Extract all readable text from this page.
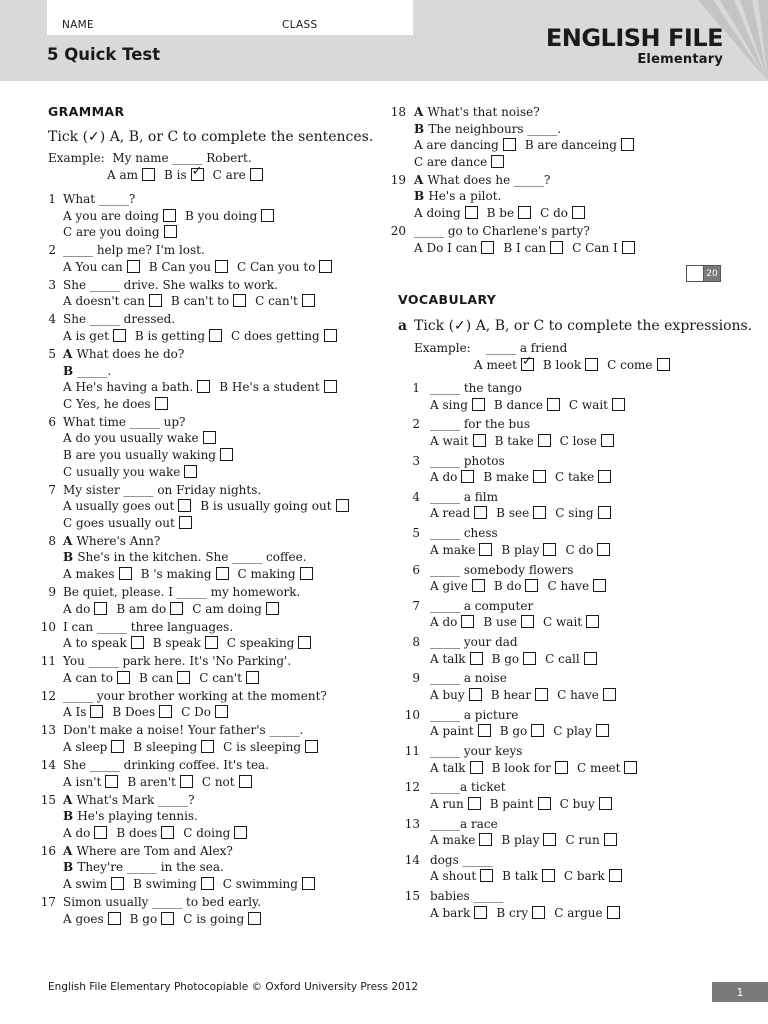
NAME	CLASS
5 Quick Test
ENGLISH FILE
Elementary
GRAMMAR
Tick (✓) A, B, or C to complete the sentences.
Example: My name _____ Robert.
A am B is ✓ C are
1 What _____?
A you are doing B you doing
C are you doing
2 _____ help me? I'm lost.
A You can B Can you C Can you to
3 She _____ drive. She walks to work.
A doesn't can B can't to C can't
4 She _____ dressed.
A is get B is getting C does getting
5 A What does he do?
B _____.
A He's having a bath. B He's a student
C Yes, he does
6 What time _____ up?
A do you usually wake
B are you usually waking
C usually you wake
7 My sister _____ on Friday nights.
A usually goes out B is usually going out
C goes usually out
8 A Where's Ann?
B She's in the kitchen. She _____ coffee.
A makes B 's making C making
9 Be quiet, please. I _____ my homework.
A do B am do C am doing
10 I can _____ three languages.
A to speak B speak C speaking
11 You _____ park here. It's 'No Parking'.
A can to B can C can't
12 _____ your brother working at the moment?
A Is B Does C Do
13 Don't make a noise! Your father's _____.
A sleep B sleeping C is sleeping
14 She _____ drinking coffee. It's tea.
A isn't B aren't C not
15 A What's Mark _____?
B He's playing tennis.
A do B does C doing
16 A Where are Tom and Alex?
B They're _____ in the sea.
A swim B swiming C swimming
17 Simon usually _____ to bed early.
A goes B go C is going
18 A What's that noise?
B The neighbours _____.
A are dancing B are danceing
C are dance
19 A What does he _____?
B He's a pilot.
A doing B be C do
20 _____ go to Charlene's party?
A Do I can B I can C Can I
20
VOCABULARY
a Tick (✓) A, B, or C to complete the expressions.
Example: _____ a friend
A meet ✓ B look C come
1 _____ the tango
A sing B dance C wait
2 _____ for the bus
A wait B take C lose
3 _____ photos
A do B make C take
4 _____ a film
A read B see C sing
5 _____ chess
A make B play C do
6 _____ somebody flowers
A give B do C have
7 _____ a computer
A do B use C wait
8 _____ your dad
A talk B go C call
9 _____ a noise
A buy B hear C have
10 _____ a picture
A paint B go C play
11 _____ your keys
A talk B look for C meet
12 _____a ticket
A run B paint C buy
13 _____a race
A make B play C run
14 dogs _____
A shout B talk C bark
15 babies _____
A bark B cry C argue
English File Elementary Photocopiable © Oxford University Press 2012	1
